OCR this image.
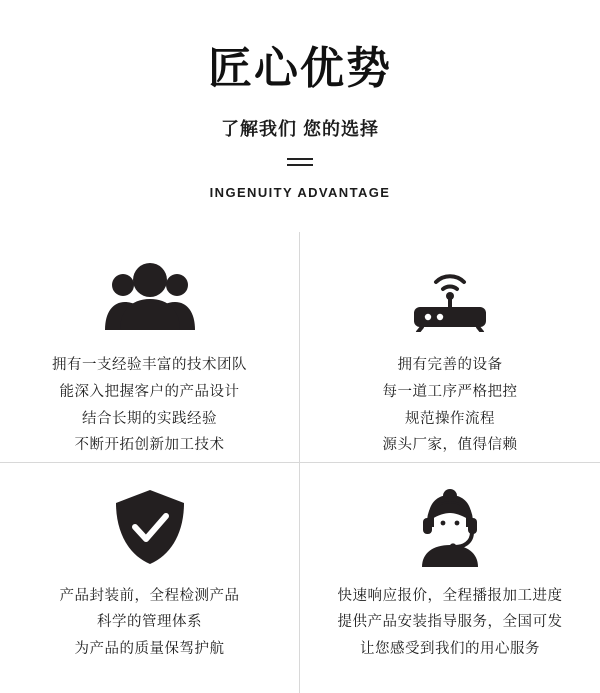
匠心优势
了解我们 您的选择
INGENUITY ADVANTAGE
拥有一支经验丰富的技术团队
能深入把握客户的产品设计
结合长期的实践经验
不断开拓创新加工技术
拥有完善的设备
每一道工序严格把控
规范操作流程
源头厂家，值得信赖
产品封装前，全程检测产品
科学的管理体系
为产品的质量保驾护航
快速响应报价，全程播报加工进度
提供产品安装指导服务，全国可发
让您感受到我们的用心服务
